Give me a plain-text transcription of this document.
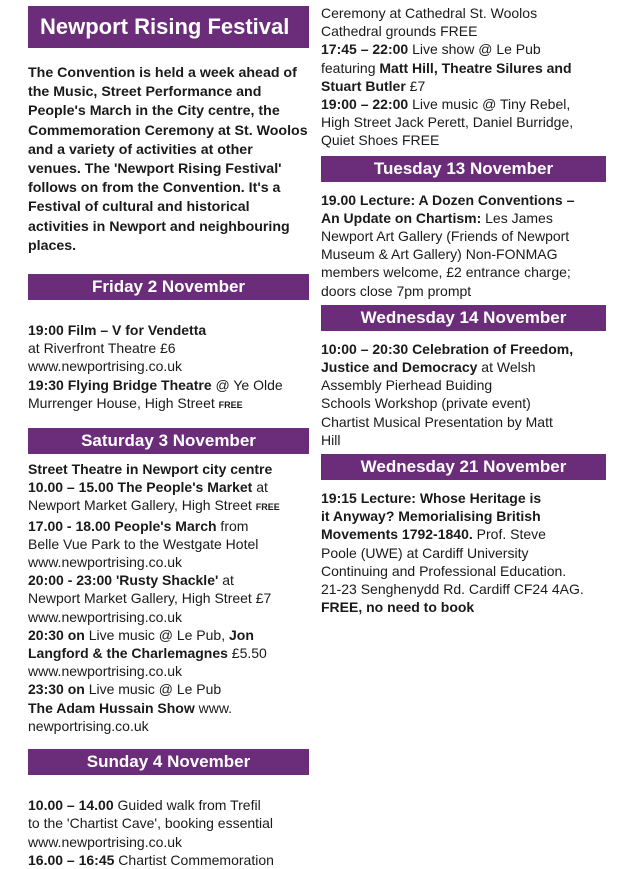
Newport Rising Festival

The Convention is held a week ahead of the Music, Street Performance and People's March in the City centre, the Commemoration Ceremony at St. Woolos and a variety of activities at other venues. The 'Newport Rising Festival' follows on from the Convention. It's a Festival of cultural and historical activities in Newport and neighbouring places.

Friday 2 November

19:00 Film – V for Vendetta

at Riverfront Theatre £6

www.newportrising.co.uk

19:30 Flying Bridge Theatre @ Ye Olde

Murrenger House, High Street FREE

Saturday 3 November

Street Theatre in Newport city centre

10.00 – 15.00 The People's Market at

Newport Market Gallery, High Street FREE

17.00 - 18.00 People's March from

Belle Vue Park to the Westgate Hotel

www.newportrising.co.uk

20:00 - 23:00 'Rusty Shackle' at

Newport Market Gallery, High Street £7

www.newportrising.co.uk

20:30 on Live music @ Le Pub, Jon

Langford & the Charlemagnes £5.50

www.newportrising.co.uk

23:30 on Live music @ Le Pub

The Adam Hussain Show www.

newportrising.co.uk

Sunday 4 November

10.00 – 14.00 Guided walk from Trefil

to the 'Chartist Cave', booking essential

www.newportrising.co.uk

16.00 – 16:45 Chartist Commemoration

Ceremony at Cathedral St. Woolos

Cathedral grounds FREE

17:45 – 22:00 Live show @ Le Pub

featuring Matt Hill, Theatre Silures and

Stuart Butler £7

19:00 – 22:00 Live music @ Tiny Rebel,

High Street Jack Perett, Daniel Burridge,

Quiet Shoes FREE

Tuesday 13 November

19.00 Lecture: A Dozen Conventions –

An Update on Chartism: Les James

Newport Art Gallery (Friends of Newport

Museum & Art Gallery) Non-FONMAG

members welcome, £2 entrance charge;

doors close 7pm prompt

Wednesday 14 November

10:00 – 20:30 Celebration of Freedom,

Justice and Democracy at Welsh

Assembly Pierhead Buiding

Schools Workshop (private event)

Chartist Musical Presentation by Matt

Hill

Wednesday 21 November

19:15 Lecture: Whose Heritage is

it Anyway? Memorialising British

Movements 1792-1840. Prof. Steve

Poole (UWE) at Cardiff University

Continuing and Professional Education.

21-23 Senghenydd Rd. Cardiff CF24 4AG.

FREE, no need to book
